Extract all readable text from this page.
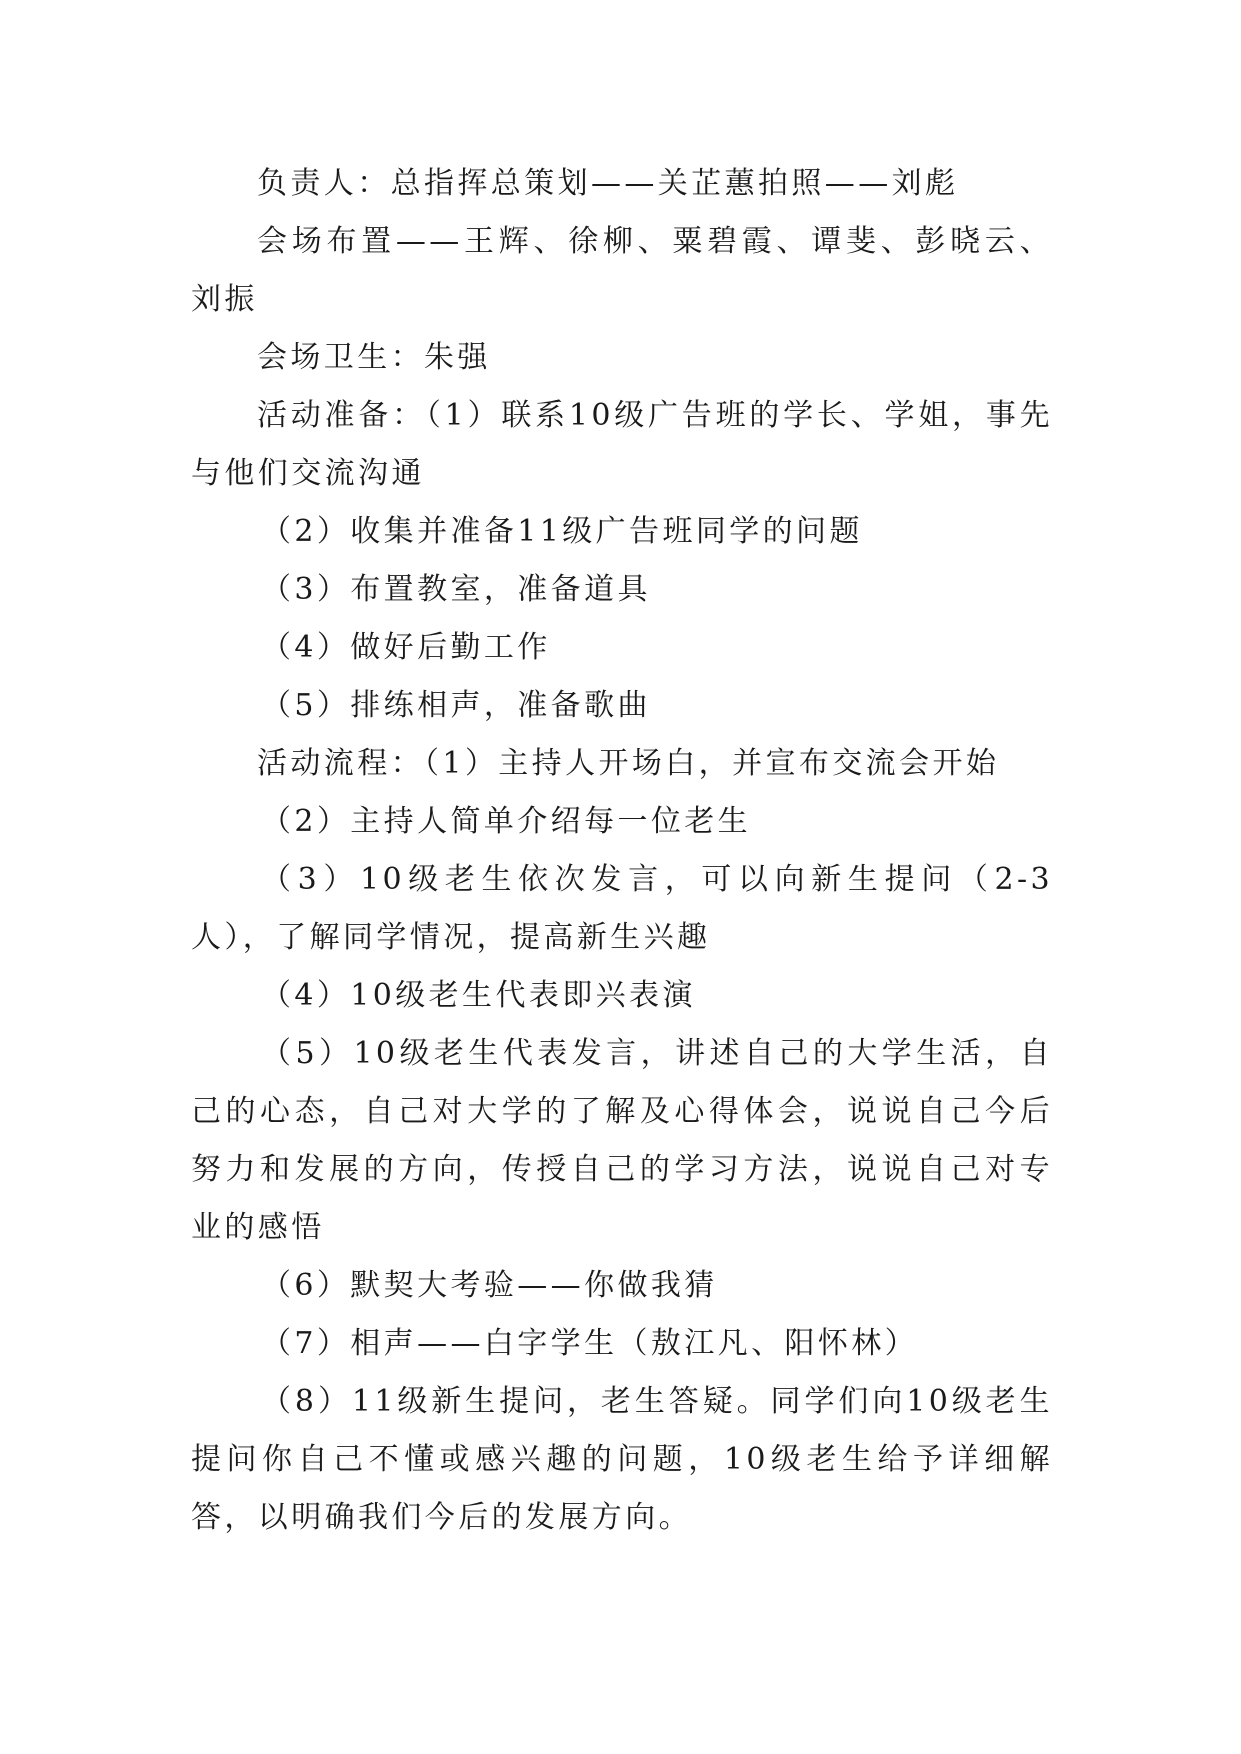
负责人：总指挥总策划——关芷蕙拍照——刘彪

会场布置——王辉、徐柳、粟碧霞、谭斐、彭晓云、刘振

会场卫生：朱强

活动准备：（1）联系10级广告班的学长、学姐，事先与他们交流沟通

（2）收集并准备11级广告班同学的问题

（3）布置教室，准备道具

（4）做好后勤工作

（5）排练相声，准备歌曲

活动流程：（1）主持人开场白，并宣布交流会开始

（2）主持人简单介绍每一位老生

（3）10级老生依次发言，可以向新生提问（2-3人），了解同学情况，提高新生兴趣

（4）10级老生代表即兴表演

（5）10级老生代表发言，讲述自己的大学生活，自己的心态，自己对大学的了解及心得体会，说说自己今后努力和发展的方向，传授自己的学习方法，说说自己对专业的感悟

（6）默契大考验——你做我猜

（7）相声——白字学生（敖江凡、阳怀林）

（8）11级新生提问，老生答疑。同学们向10级老生提问你自己不懂或感兴趣的问题，10级老生给予详细解答，以明确我们今后的发展方向。
